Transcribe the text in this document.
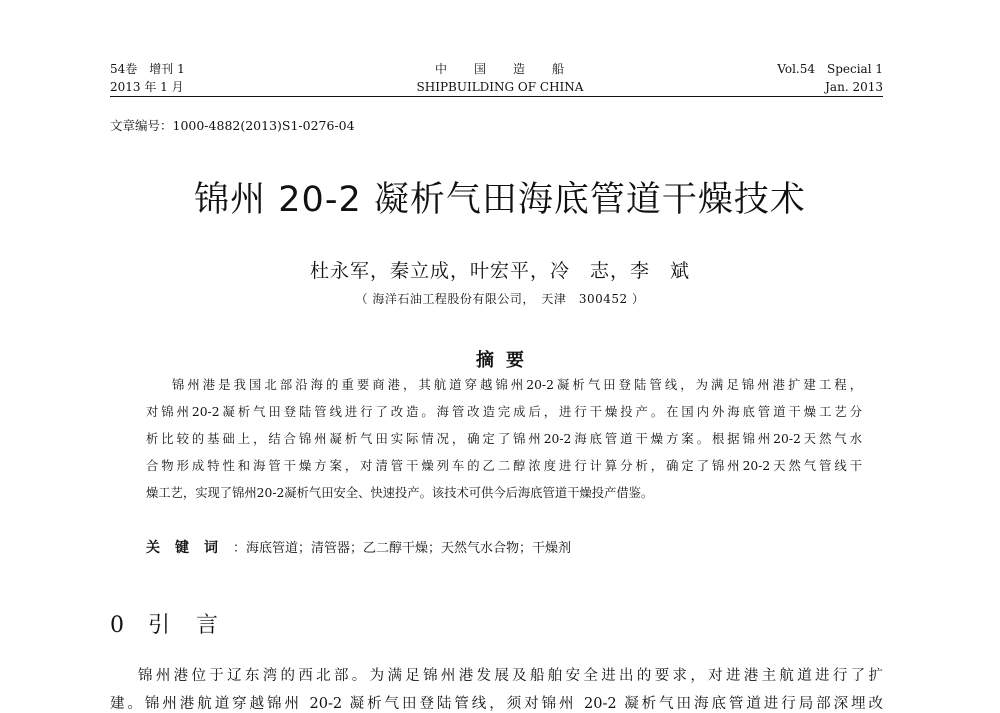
54卷　增刊 1
2013 年 1 月
中　　国　　造　　船
SHIPBUILDING OF CHINA
Vol.54　Special 1
Jan. 2013
文章编号：1000-4882(2013)S1-0276-04
锦州 20-2 凝析气田海底管道干燥技术
杜永军，秦立成，叶宏平，冷　志，李　斌
（ 海洋石油工程股份有限公司，　天津　300452 ）
摘要
锦州港是我国北部沿海的重要商港，其航道穿越锦州20-2凝析气田登陆管线，为满足锦州港扩建工程，
对锦州20-2凝析气田登陆管线进行了改造。海管改造完成后，进行干燥投产。在国内外海底管道干燥工艺分
析比较的基础上，结合锦州凝析气田实际情况，确定了锦州20-2海底管道干燥方案。根据锦州20-2天然气水
合物形成特性和海管干燥方案，对清管干燥列车的乙二醇浓度进行计算分析，确定了锦州20-2天然气管线干
燥工艺，实现了锦州20-2凝析气田安全、快速投产。该技术可供今后海底管道干燥投产借鉴。
关键词：海底管道；清管器；乙二醇干燥；天然气水合物；干燥剂
0 引　言
锦州港位于辽东湾的西北部。为满足锦州港发展及船舶安全进出的要求，对进港主航道进行了扩
建。锦州港航道穿越锦州 20-2 凝析气田登陆管线，须对锦州 20-2 凝析气田海底管道进行局部深埋改
